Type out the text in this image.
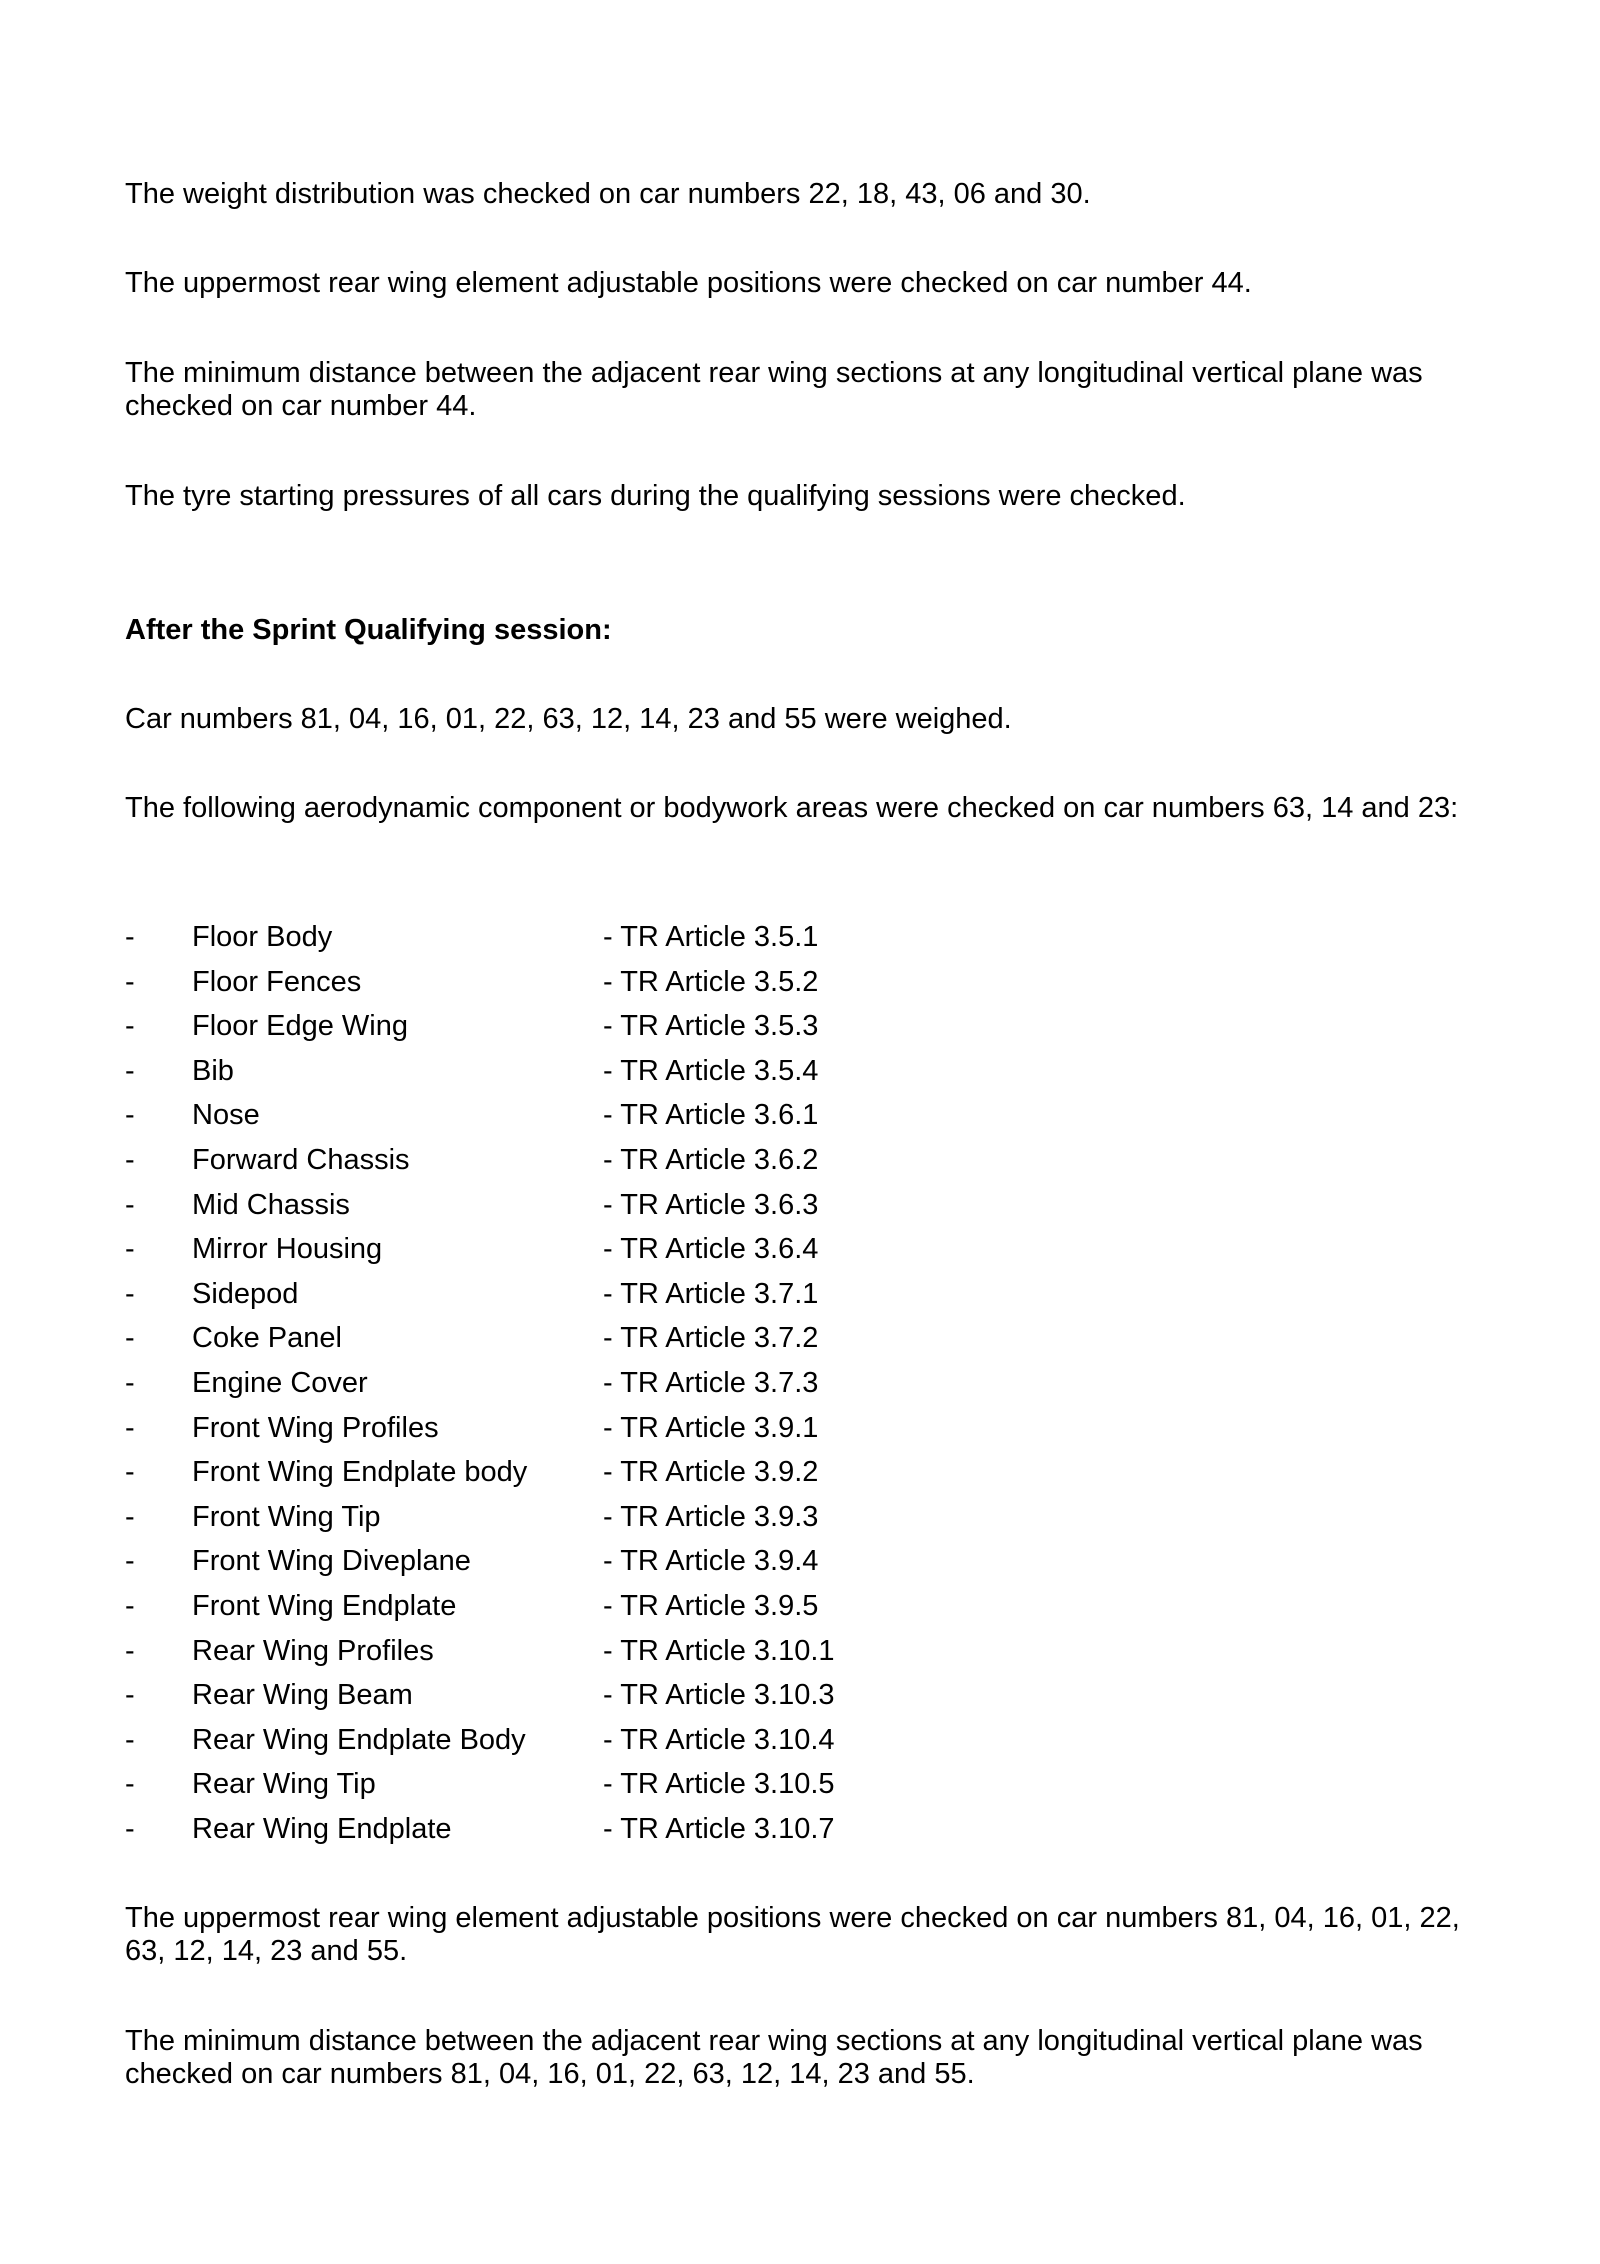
The weight distribution was checked on car numbers 22, 18, 43, 06 and 30.

The uppermost rear wing element adjustable positions were checked on car number 44.

The minimum distance between the adjacent rear wing sections at any longitudinal vertical plane was checked on car number 44.

The tyre starting pressures of all cars during the qualifying sessions were checked.

After the Sprint Qualifying session:

Car numbers 81, 04, 16, 01, 22, 63, 12, 14, 23 and 55 were weighed.

The following aerodynamic component or bodywork areas were checked on car numbers 63, 14 and 23:

- Floor Body	- TR Article 3.5.1
- Floor Fences	- TR Article 3.5.2
- Floor Edge Wing	- TR Article 3.5.3
- Bib	- TR Article 3.5.4
- Nose	- TR Article 3.6.1
- Forward Chassis	- TR Article 3.6.2
- Mid Chassis	- TR Article 3.6.3
- Mirror Housing	- TR Article 3.6.4
- Sidepod	- TR Article 3.7.1
- Coke Panel	- TR Article 3.7.2
- Engine Cover	- TR Article 3.7.3
- Front Wing Profiles	- TR Article 3.9.1
- Front Wing Endplate body	- TR Article 3.9.2
- Front Wing Tip	- TR Article 3.9.3
- Front Wing Diveplane	- TR Article 3.9.4
- Front Wing Endplate	- TR Article 3.9.5
- Rear Wing Profiles	- TR Article 3.10.1
- Rear Wing Beam	- TR Article 3.10.3
- Rear Wing Endplate Body	- TR Article 3.10.4
- Rear Wing Tip	- TR Article 3.10.5
- Rear Wing Endplate	- TR Article 3.10.7

The uppermost rear wing element adjustable positions were checked on car numbers 81, 04, 16, 01, 22, 63, 12, 14, 23 and 55.

The minimum distance between the adjacent rear wing sections at any longitudinal vertical plane was checked on car numbers 81, 04, 16, 01, 22, 63, 12, 14, 23 and 55.
